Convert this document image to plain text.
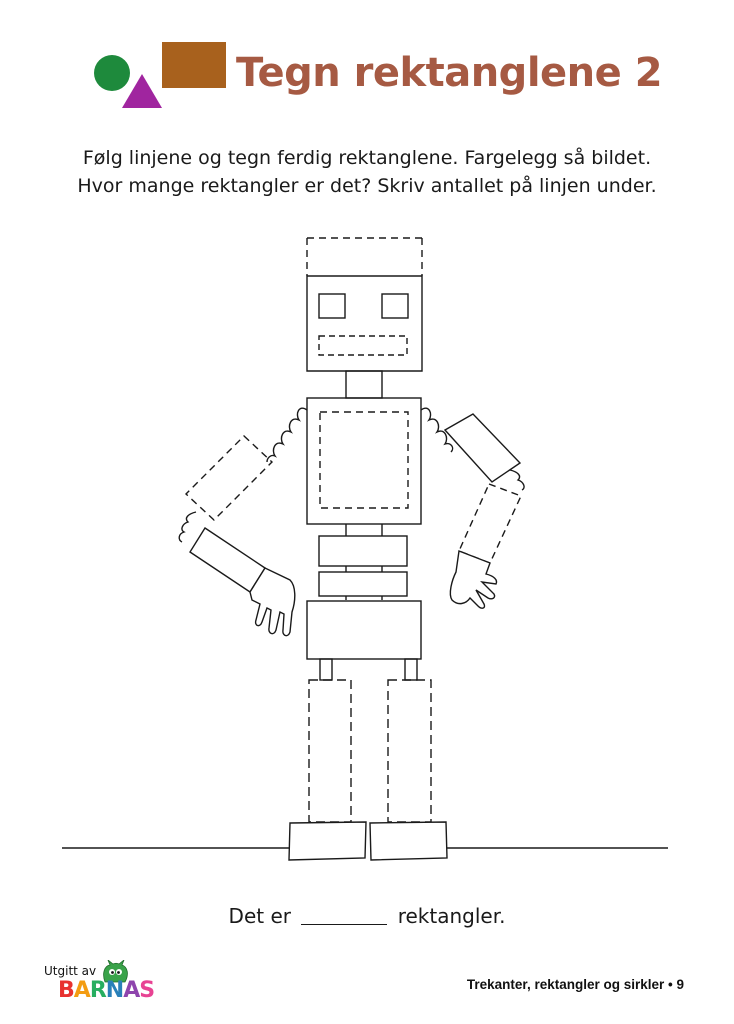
Tegn rektanglene 2
Følg linjene og tegn ferdig rektanglene. Fargelegg så bildet.
Hvor mange rektangler er det? Skriv antallet på linjen under.
Det er	rektangler.
Utgitt av
BARNAS	Trekanter, rektangler og sirkler • 9
